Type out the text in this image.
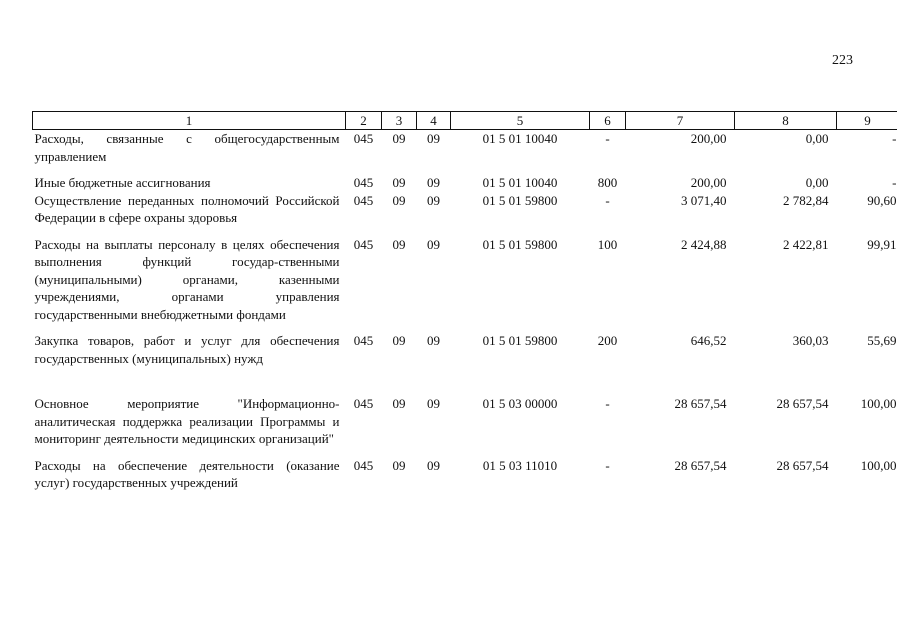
223
1	2	3	4	5	6	7	8	9
Расходы, связанные с общегосударственным управлением	045	09	09	01 5 01 10040	-	200,00	0,00	-
Иные бюджетные ассигнования	045	09	09	01 5 01 10040	800	200,00	0,00	-
Осуществление переданных полномочий Российской Федерации в сфере охраны здоровья	045	09	09	01 5 01 59800	-	3 071,40	2 782,84	90,60
Расходы на выплаты персоналу в целях обеспечения выполнения функций государ-ственными (муниципальными) органами, казенными учреждениями, органами управления государственными внебюджетными фондами	045	09	09	01 5 01 59800	100	2 424,88	2 422,81	99,91
Закупка товаров, работ и услуг для обеспечения государственных (муниципальных) нужд	045	09	09	01 5 01 59800	200	646,52	360,03	55,69
Основное мероприятие "Информационно-аналитическая поддержка реализации Программы и мониторинг деятельности медицинских организаций"	045	09	09	01 5 03 00000	-	28 657,54	28 657,54	100,00
Расходы на обеспечение деятельности (оказание услуг) государственных учреждений	045	09	09	01 5 03 11010	-	28 657,54	28 657,54	100,00
